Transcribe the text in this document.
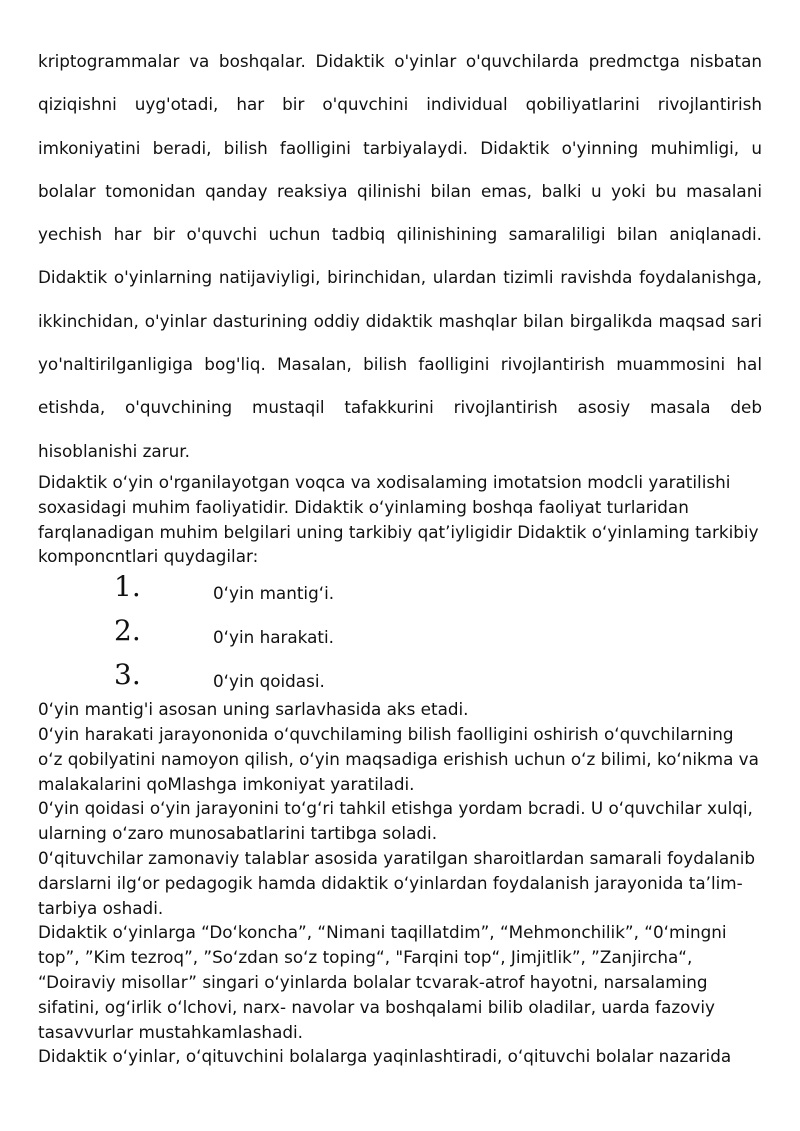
kriptogrammalar va boshqalar. Didaktik o'yinlar o'quvchilarda predmctga nisbatan qiziqishni uyg'otadi, har bir o'quvchini individual qobiliyatlarini rivojlantirish imkoniyatini beradi, bilish faolligini tarbiyalaydi. Didaktik o'yinning muhimligi, u bolalar tomonidan qanday reaksiya qilinishi bilan emas, balki u yoki bu masalani yechish har bir o'quvchi uchun tadbiq qilinishining samaraliligi bilan aniqlanadi. Didaktik o'yinlarning natijaviyligi, birinchidan, ulardan tizimli ravishda foydalanishga, ikkinchidan, o'yinlar dasturining oddiy didaktik mashqlar bilan birgalikda maqsad sari yo'naltirilganligiga bog'liq. Masalan, bilish faolligini rivojlantirish muammosini hal etishda, o'quvchining mustaqil tafakkurini rivojlantirish asosiy masala deb hisoblanishi zarur.

Didaktik o‘yin o'rganilayotgan voqca va xodisalaming imotatsion modcli yaratilishi soxasidagi muhim faoliyatidir. Didaktik o‘yinlaming boshqa faoliyat turlaridan farqlanadigan muhim belgilari uning tarkibiy qat’iyligidir Didaktik o‘yinlaming tarkibiy komponcntlari quydagilar:

1.	0‘yin mantig‘i.
2.	0‘yin harakati.
3.	0‘yin qoidasi.

0‘yin mantig'i asosan uning sarlavhasida aks etadi.

0‘yin harakati jarayononida o‘quvchilaming bilish faolligini oshirish o‘quvchilarning o‘z qobilyatini namoyon qilish, o‘yin maqsadiga erishish uchun o‘z bilimi, ko‘nikma va malakalarini qoMlashga imkoniyat yaratiladi.

0‘yin qoidasi o‘yin jarayonini to‘g‘ri tahkil etishga yordam bcradi. U o‘quvchilar xulqi, ularning o‘zaro munosabatlarini tartibga soladi.

0‘qituvchilar zamonaviy talablar asosida yaratilgan sharoitlardan samarali foydalanib darslarni ilg‘or pedagogik hamda didaktik o‘yinlardan foydalanish jarayonida ta’lim-tarbiya oshadi.

Didaktik o‘yinlarga “Do‘koncha”, “Nimani taqillatdim”, “Mehmonchilik”, “0‘mingni top”, ”Kim tezroq”, ”So‘zdan so‘z toping“, "Farqini top“, Jimjitlik”, ”Zanjircha“, “Doiraviy misollar” singari o‘yinlarda bolalar tcvarak-atrof hayotni, narsalaming sifatini, og‘irlik o‘lchovi, narx- navolar va boshqalami bilib oladilar, uarda fazoviy tasavvurlar mustahkamlashadi.

Didaktik o‘yinlar, o‘qituvchini bolalarga yaqinlashtiradi, o‘qituvchi bolalar nazarida
